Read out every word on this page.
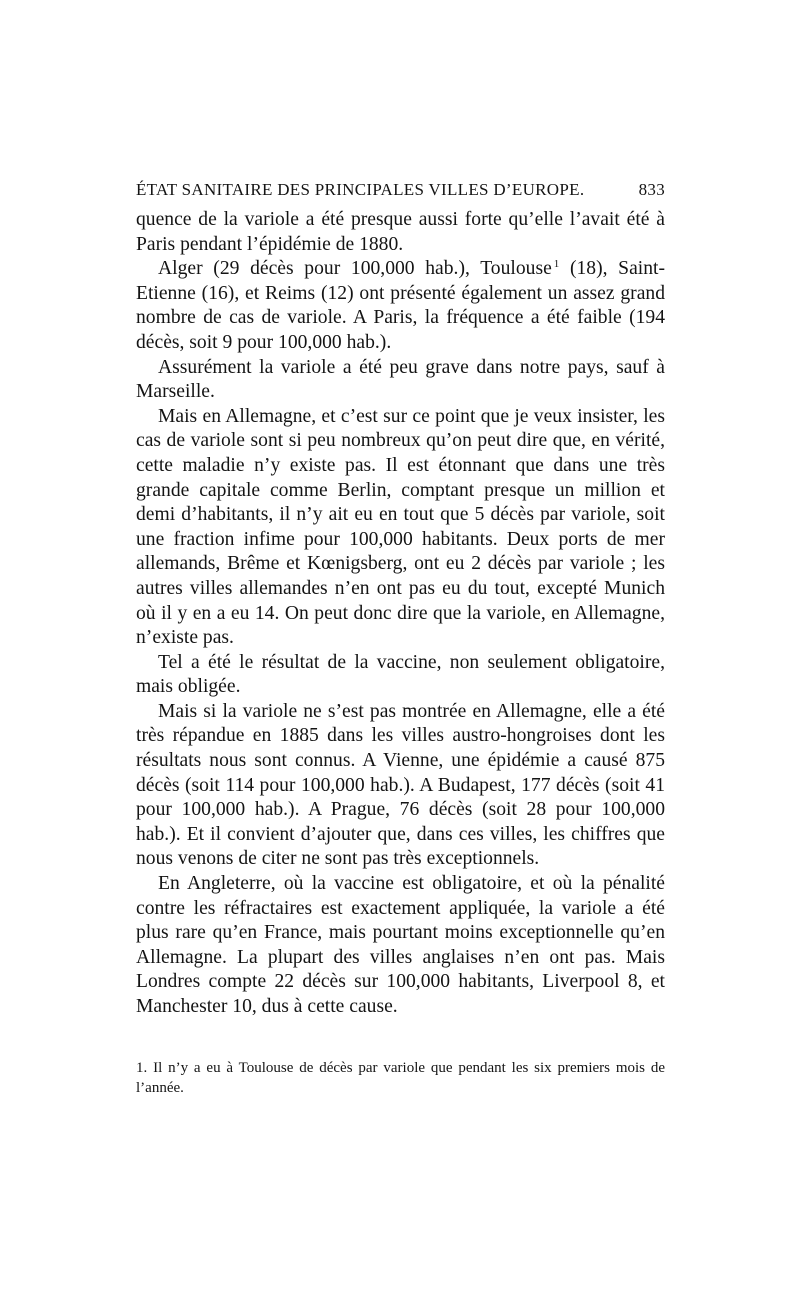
ÉTAT SANITAIRE DES PRINCIPALES VILLES D’EUROPE.	833

quence de la variole a été presque aussi forte qu’elle l’avait été à Paris pendant l’épidémie de 1880.

Alger (29 décès pour 100,000 hab.), Toulouse $^1$ (18), Saint-Etienne (16), et Reims (12) ont présenté également un assez grand nombre de cas de variole. A Paris, la fréquence a été faible (194 décès, soit 9 pour 100,000 hab.).

Assurément la variole a été peu grave dans notre pays, sauf à Marseille.

Mais en Allemagne, et c’est sur ce point que je veux insister, les cas de variole sont si peu nombreux qu’on peut dire que, en vérité, cette maladie n’y existe pas. Il est étonnant que dans une très grande capitale comme Berlin, comptant presque un million et demi d’habitants, il n’y ait eu en tout que 5 décès par variole, soit une fraction infime pour 100,000 habitants. Deux ports de mer allemands, Brême et Kœnigsberg, ont eu 2 décès par variole ; les autres villes allemandes n’en ont pas eu du tout, excepté Munich où il y en a eu 14. On peut donc dire que la variole, en Allemagne, n’existe pas.

Tel a été le résultat de la vaccine, non seulement obligatoire, mais obligée.

Mais si la variole ne s’est pas montrée en Allemagne, elle a été très répandue en 1885 dans les villes austro-hongroises dont les résultats nous sont connus. A Vienne, une épidémie a causé 875 décès (soit 114 pour 100,000 hab.). A Budapest, 177 décès (soit 41 pour 100,000 hab.). A Prague, 76 décès (soit 28 pour 100,000 hab.). Et il convient d’ajouter que, dans ces villes, les chiffres que nous venons de citer ne sont pas très exceptionnels.

En Angleterre, où la vaccine est obligatoire, et où la pénalité contre les réfractaires est exactement appliquée, la variole a été plus rare qu’en France, mais pourtant moins exceptionnelle qu’en Allemagne. La plupart des villes anglaises n’en ont pas. Mais Londres compte 22 décès sur 100,000 habitants, Liverpool 8, et Manchester 10, dus à cette cause.

1. Il n’y a eu à Toulouse de décès par variole que pendant les six premiers mois de l’année.
